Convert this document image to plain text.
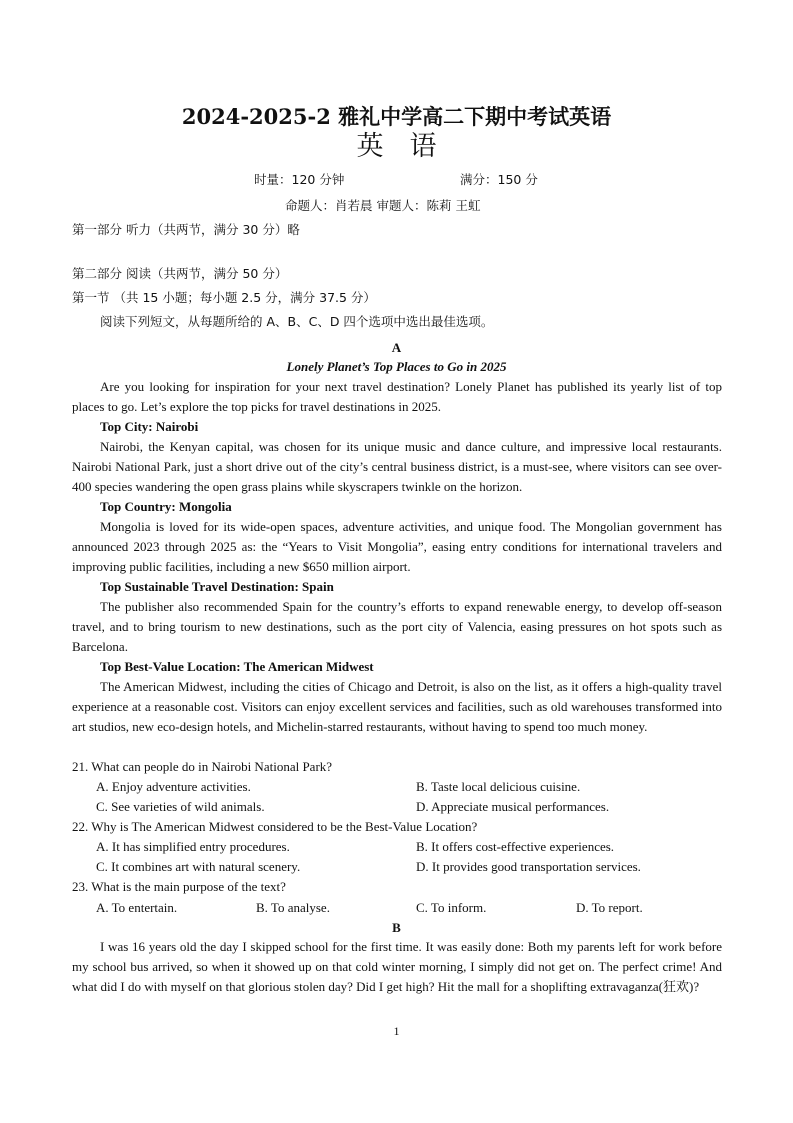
2024-2025-2 雅礼中学高二下期中考试英语
英语
时量：120 分钟	满分：150 分
命题人：肖若晨 审题人：陈莉 王虹
第一部分 听力（共两节，满分 30 分）略
第二部分 阅读（共两节，满分 50 分）
第一节 （共 15 小题；每小题 2.5 分，满分 37.5 分）
阅读下列短文，从每题所给的 A、B、C、D 四个选项中选出最佳选项。
A
Lonely Planet’s Top Places to Go in 2025

Are you looking for inspiration for your next travel destination? Lonely Planet has published its yearly list of top places to go. Let’s explore the top picks for travel destinations in 2025.

Top City: Nairobi

Nairobi, the Kenyan capital, was chosen for its unique music and dance culture, and impressive local restaurants. Nairobi National Park, just a short drive out of the city’s central business district, is a must-see, where visitors can see over-400 species wandering the open grass plains while skyscrapers twinkle on the horizon.

Top Country: Mongolia

Mongolia is loved for its wide-open spaces, adventure activities, and unique food. The Mongolian government has announced 2023 through 2025 as: the “Years to Visit Mongolia”, easing entry conditions for international travelers and improving public facilities, including a new $650 million airport.

Top Sustainable Travel Destination: Spain

The publisher also recommended Spain for the country’s efforts to expand renewable energy, to develop off-season travel, and to bring tourism to new destinations, such as the port city of Valencia, easing pressures on hot spots such as Barcelona.

Top Best-Value Location: The American Midwest

The American Midwest, including the cities of Chicago and Detroit, is also on the list, as it offers a high-quality travel experience at a reasonable cost. Visitors can enjoy excellent services and facilities, such as old warehouses transformed into art studios, new eco-design hotels, and Michelin-starred restaurants, without having to spend too much money.

21. What can people do in Nairobi National Park?
A. Enjoy adventure activities.	B. Taste local delicious cuisine.
C. See varieties of wild animals.	D. Appreciate musical performances.
22. Why is The American Midwest considered to be the Best-Value Location?
A. It has simplified entry procedures.	B. It offers cost-effective experiences.
C. It combines art with natural scenery.	D. It provides good transportation services.
23. What is the main purpose of the text?
A. To entertain.	B. To analyse.	C. To inform.	D. To report.
B

I was 16 years old the day I skipped school for the first time. It was easily done: Both my parents left for work before my school bus arrived, so when it showed up on that cold winter morning, I simply did not get on. The perfect crime! And what did I do with myself on that glorious stolen day? Did I get high? Hit the mall for a shoplifting extravaganza(狂欢)?

1
